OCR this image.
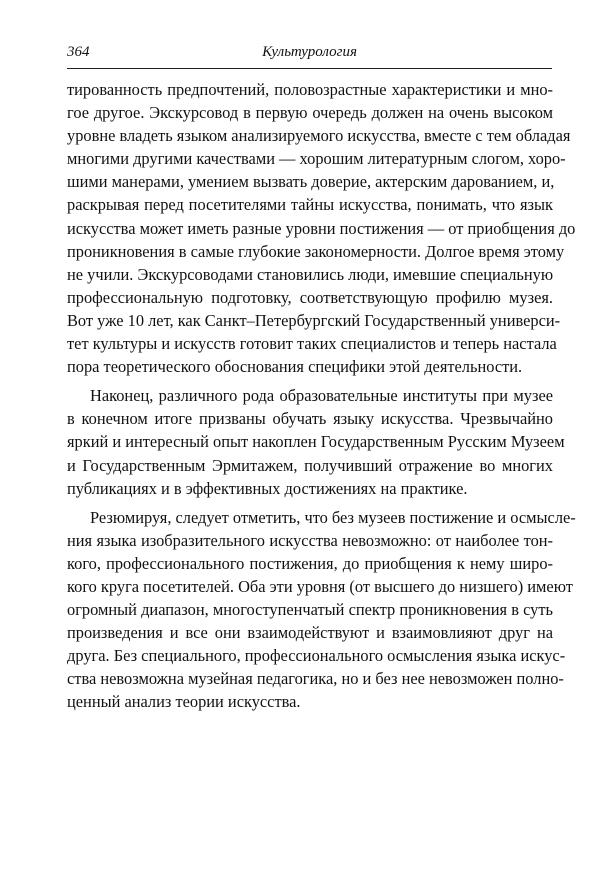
364	Культурология
тированность предпочтений, половозрастные характеристики и мно-
гое другое. Экскурсовод в первую очередь должен на очень высоком
уровне владеть языком анализируемого искусства, вместе с тем обладая
многими другими качествами — хорошим литературным слогом, хоро-
шими манерами, умением вызвать доверие, актерским дарованием, и,
раскрывая перед посетителями тайны искусства, понимать, что язык
искусства может иметь разные уровни постижения — от приобщения до
проникновения в самые глубокие закономерности. Долгое время этому
не учили. Экскурсоводами становились люди, имевшие специальную
профессиональную подготовку, соответствующую профилю музея.
Вот уже 10 лет, как Санкт–Петербургский Государственный универси-
тет культуры и искусств готовит таких специалистов и теперь настала
пора теоретического обоснования специфики этой деятельности.
Наконец, различного рода образовательные институты при музее
в конечном итоге призваны обучать языку искусства. Чрезвычайно
яркий и интересный опыт накоплен Государственным Русским Музеем
и Государственным Эрмитажем, получивший отражение во многих
публикациях и в эффективных достижениях на практике.
Резюмируя, следует отметить, что без музеев постижение и осмысле-
ния языка изобразительного искусства невозможно: от наиболее тон-
кого, профессионального постижения, до приобщения к нему широ-
кого круга посетителей. Оба эти уровня (от высшего до низшего) имеют
огромный диапазон, многоступенчатый спектр проникновения в суть
произведения и все они взаимодействуют и взаимовлияют друг на
друга. Без специального, профессионального осмысления языка искус-
ства невозможна музейная педагогика, но и без нее невозможен полно-
ценный анализ теории искусства.
